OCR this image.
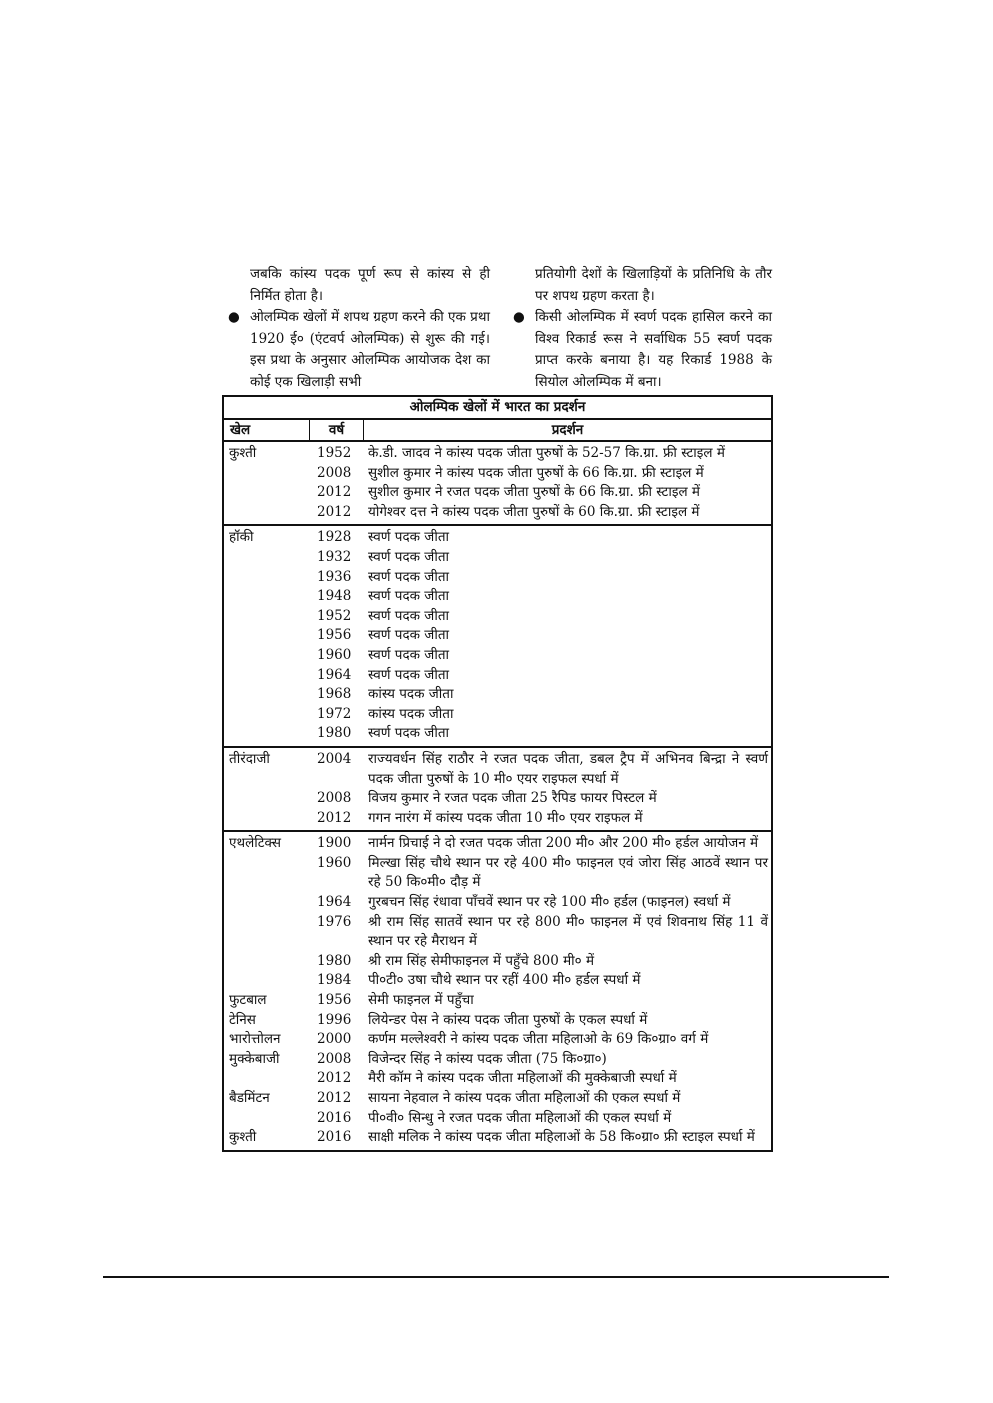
जबकि कांस्य पदक पूर्ण रूप से कांस्य से ही निर्मित होता है।

● ओलम्पिक खेलों में शपथ ग्रहण करने की एक प्रथा 1920 ई० (एंटवर्प ओलम्पिक) से शुरू की गई। इस प्रथा के अनुसार ओलम्पिक आयोजक देश का कोई एक खिलाड़ी सभी

प्रतियोगी देशों के खिलाड़ियों के प्रतिनिधि के तौर पर शपथ ग्रहण करता है।

● किसी ओलम्पिक में स्वर्ण पदक हासिल करने का विश्व रिकार्ड रूस ने सर्वाधिक 55 स्वर्ण पदक प्राप्त करके बनाया है। यह रिकार्ड 1988 के सियोल ओलम्पिक में बना।

ओलम्पिक खेलों में भारत का प्रदर्शन
खेल	वर्ष	प्रदर्शन
कुश्ती	1952	के.डी. जादव ने कांस्य पदक जीता पुरुषों के 52-57 कि.ग्रा. फ्री स्टाइल में
2008	सुशील कुमार ने कांस्य पदक जीता पुरुषों के 66 कि.ग्रा. फ्री स्टाइल में
2012	सुशील कुमार ने रजत पदक जीता पुरुषों के 66 कि.ग्रा. फ्री स्टाइल में
2012	योगेश्वर दत्त ने कांस्य पदक जीता पुरुषों के 60 कि.ग्रा. फ्री स्टाइल में
हॉकी	1928	स्वर्ण पदक जीता
1932	स्वर्ण पदक जीता
1936	स्वर्ण पदक जीता
1948	स्वर्ण पदक जीता
1952	स्वर्ण पदक जीता
1956	स्वर्ण पदक जीता
1960	स्वर्ण पदक जीता
1964	स्वर्ण पदक जीता
1968	कांस्य पदक जीता
1972	कांस्य पदक जीता
1980	स्वर्ण पदक जीता
तीरंदाजी	2004	राज्यवर्धन सिंह राठौर ने रजत पदक जीता, डबल ट्रैप में अभिनव बिन्द्रा ने स्वर्ण पदक जीता पुरुषों के 10 मी० एयर राइफल स्पर्धा में
2008	विजय कुमार ने रजत पदक जीता 25 रैपिड फायर पिस्टल में
2012	गगन नारंग में कांस्य पदक जीता 10 मी० एयर राइफल में
एथलेटिक्स	1900	नार्मन प्रिचाई ने दो रजत पदक जीता 200 मी० और 200 मी० हर्डल आयोजन में
1960	मिल्खा सिंह चौथे स्थान पर रहे 400 मी० फाइनल एवं जोरा सिंह आठवें स्थान पर रहे 50 कि०मी० दौड़ में
1964	गुरबचन सिंह रंधावा पाँचवें स्थान पर रहे 100 मी० हर्डल (फाइनल) स्वर्धा में
1976	श्री राम सिंह सातवें स्थान पर रहे 800 मी० फाइनल में एवं शिवनाथ सिंह 11 वें स्थान पर रहे मैराथन में
1980	श्री राम सिंह सेमीफाइनल में पहुँचे 800 मी० में
1984	पी०टी० उषा चौथे स्थान पर रहीं 400 मी० हर्डल स्पर्धा में
फुटबाल	1956	सेमी फाइनल में पहुँचा
टेनिस	1996	लियेन्डर पेस ने कांस्य पदक जीता पुरुषों के एकल स्पर्धा में
भारोत्तोलन	2000	कर्णम मल्लेश्वरी ने कांस्य पदक जीता महिलाओ के 69 कि०ग्रा० वर्ग में
मुक्केबाजी	2008	विजेन्दर सिंह ने कांस्य पदक जीता (75 कि०ग्रा०)
2012	मैरी कॉम ने कांस्य पदक जीता महिलाओं की मुक्केबाजी स्पर्धा में
बैडमिंटन	2012	सायना नेहवाल ने कांस्य पदक जीता महिलाओं की एकल स्पर्धा में
2016	पी०वी० सिन्धु ने रजत पदक जीता महिलाओं की एकल स्पर्धा में
कुश्ती	2016	साक्षी मलिक ने कांस्य पदक जीता महिलाओं के 58 कि०ग्रा० फ्री स्टाइल स्पर्धा में
